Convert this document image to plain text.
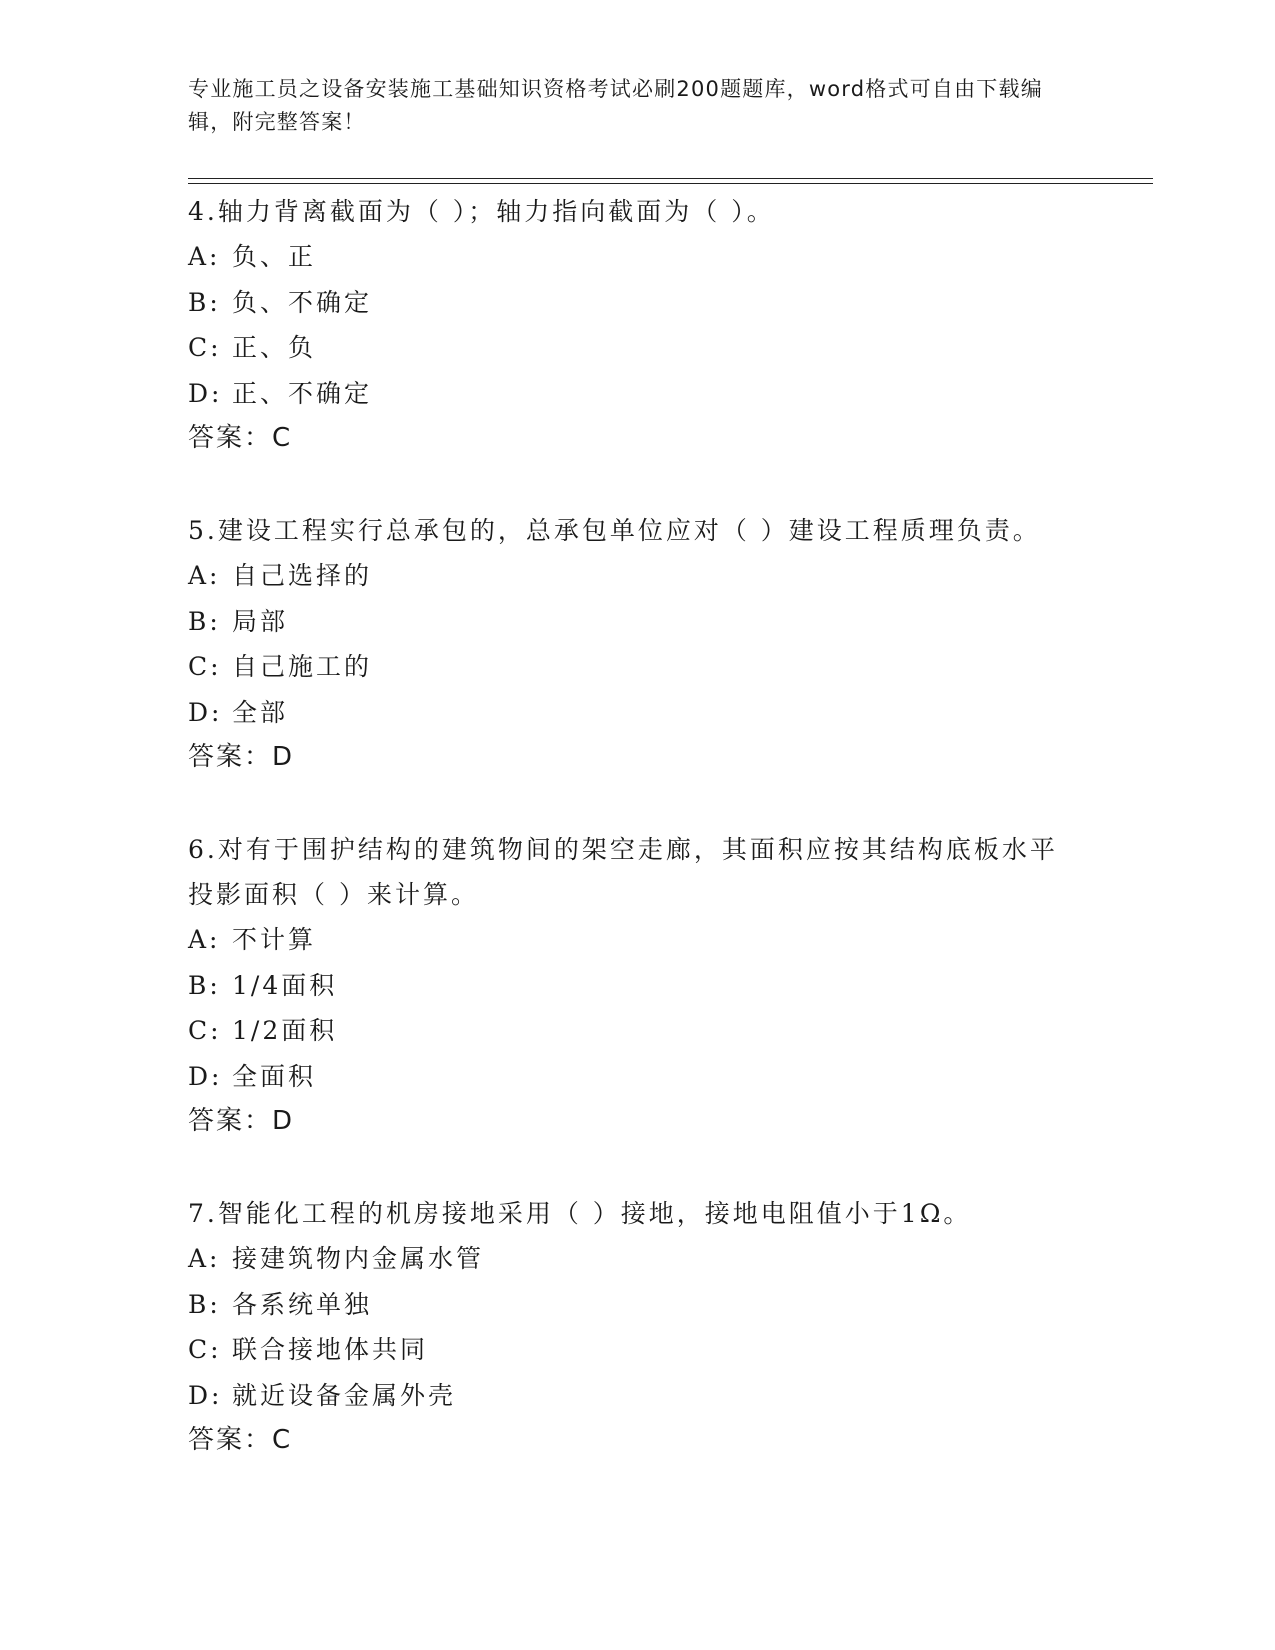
专业施工员之设备安装施工基础知识资格考试必刷200题题库，word格式可自由下载编辑，附完整答案！
4.轴力背离截面为（ ）；轴力指向截面为（ ）。
A: 负、正
B: 负、不确定
C: 正、负
D: 正、不确定
答案：C
5.建设工程实行总承包的，总承包单位应对（ ）建设工程质理负责。
A: 自己选择的
B: 局部
C: 自己施工的
D: 全部
答案：D
6.对有于围护结构的建筑物间的架空走廊，其面积应按其结构底板水平投影面积（ ）来计算。
A: 不计算
B: 1/4面积
C: 1/2面积
D: 全面积
答案：D
7.智能化工程的机房接地采用（ ）接地，接地电阻值小于1Ω。
A: 接建筑物内金属水管
B: 各系统单独
C: 联合接地体共同
D: 就近设备金属外壳
答案：C
